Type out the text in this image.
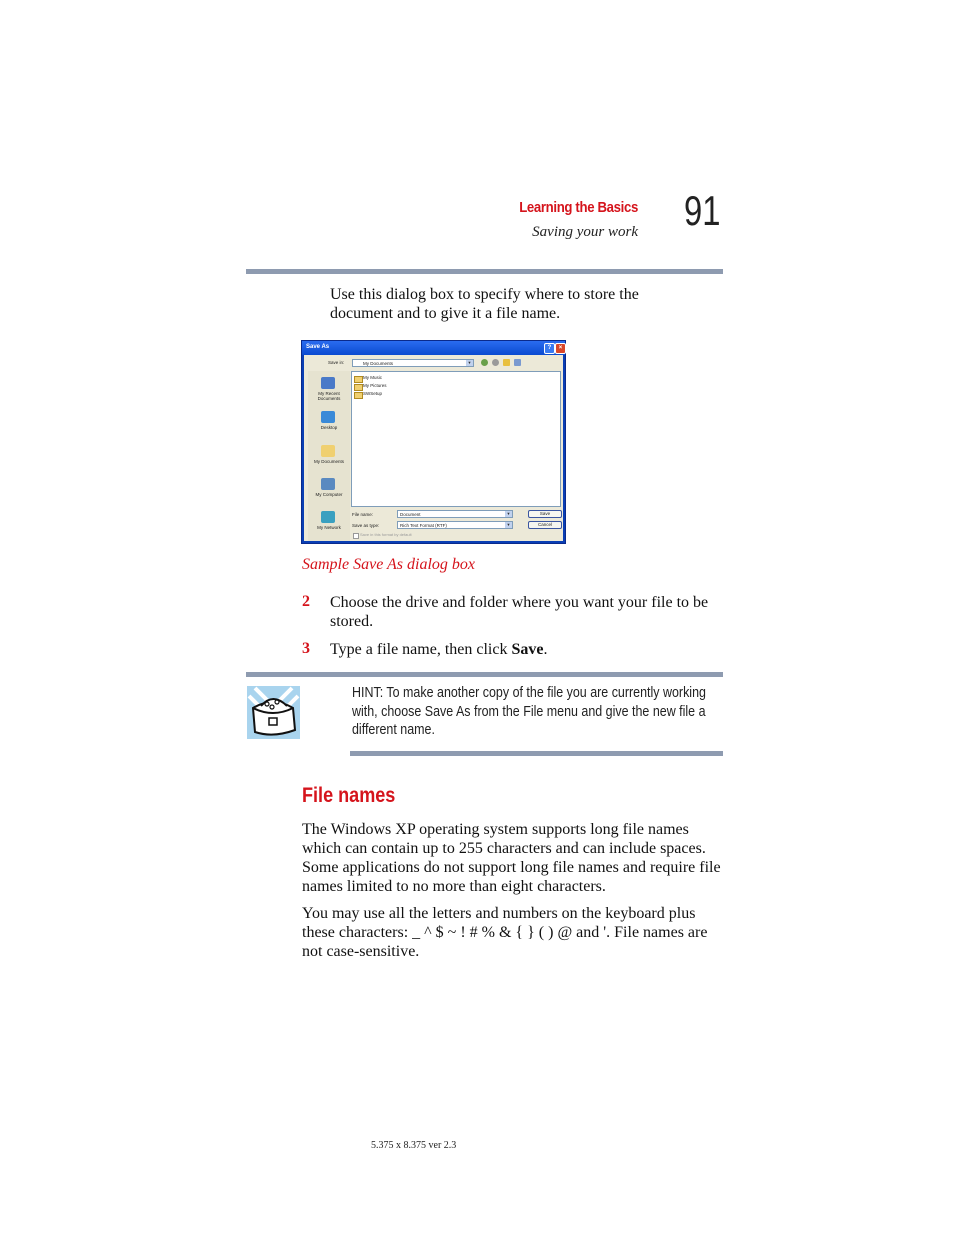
Learning the Basics
Saving your work 91
Use this dialog box to specify where to store the document and to give it a file name.
Save As	?	×
Save in:	My Documents	▼
My Recent Documents
Desktop
My Documents
My Computer
My Network
My Music
My Pictures
SWSetup
File name:	Document	▼
Save as type:	Rich Text Format (RTF)	▼
Save
Cancel
Save in this format by default
Sample Save As dialog box
2 Choose the drive and folder where you want your file to be stored.
3 Type a file name, then click Save.
HINT: To make another copy of the file you are currently working with, choose Save As from the File menu and give the new file a different name.
File names
The Windows XP operating system supports long file names which can contain up to 255 characters and can include spaces. Some applications do not support long file names and require file names limited to no more than eight characters.
You may use all the letters and numbers on the keyboard plus these characters: _ ^ $ ~ ! # % & { } ( ) @ and '. File names are not case-sensitive.
5.375 x 8.375 ver 2.3
